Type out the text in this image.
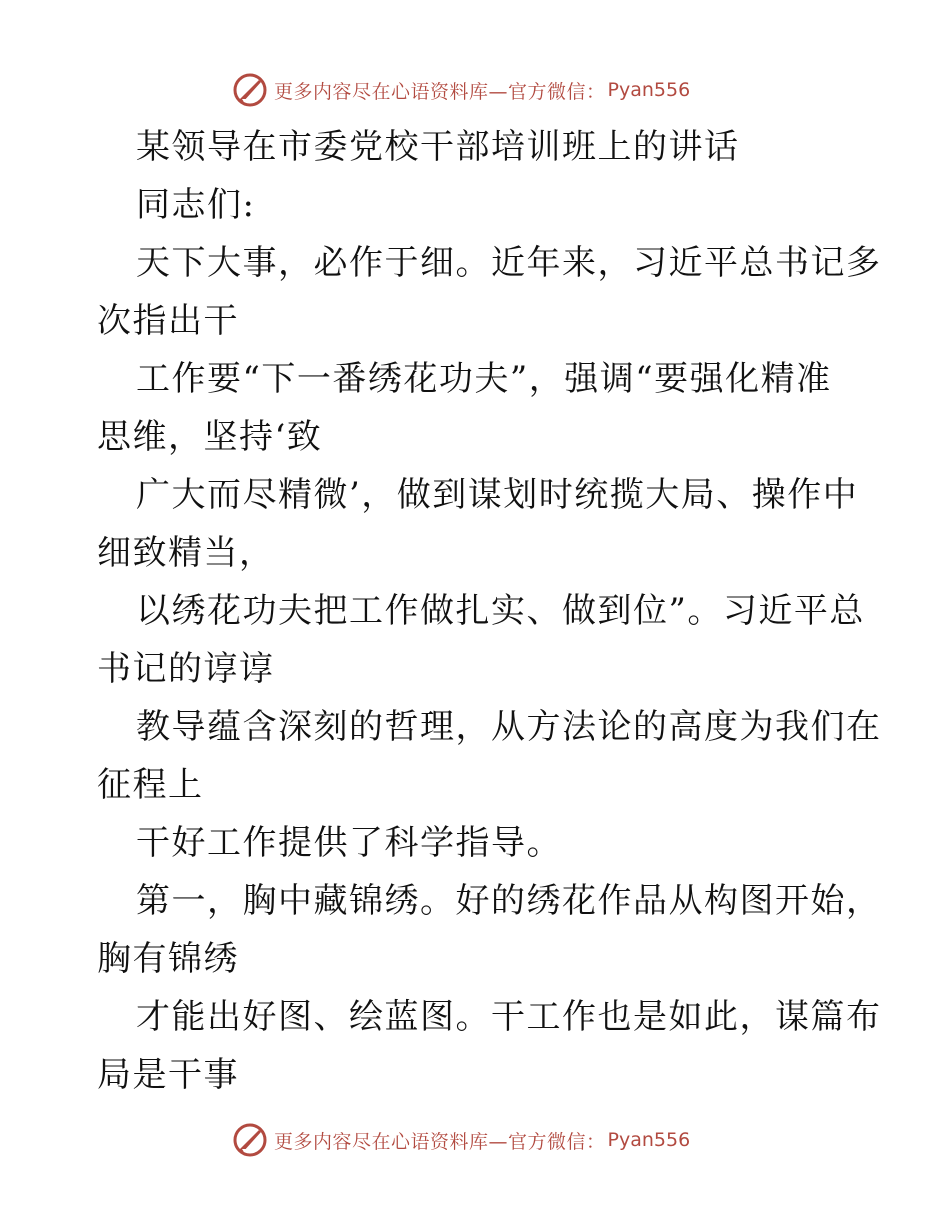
更多内容尽在心语资料库—官方微信： Pyan556
某领导在市委党校干部培训班上的讲话
同志们:
天下大事，必作于细。近年来，习近平总书记多
次指出干
工作要“下一番绣花功夫”，强调“要强化精准
思维，坚持‘致
广大而尽精微’，做到谋划时统揽大局、操作中
细致精当，
以绣花功夫把工作做扎实、做到位”。习近平总
书记的谆谆
教导蕴含深刻的哲理，从方法论的高度为我们在
征程上
干好工作提供了科学指导。
第一，胸中藏锦绣。好的绣花作品从构图开始，
胸有锦绣
才能出好图、绘蓝图。干工作也是如此，谋篇布
局是干事
更多内容尽在心语资料库—官方微信： Pyan556
